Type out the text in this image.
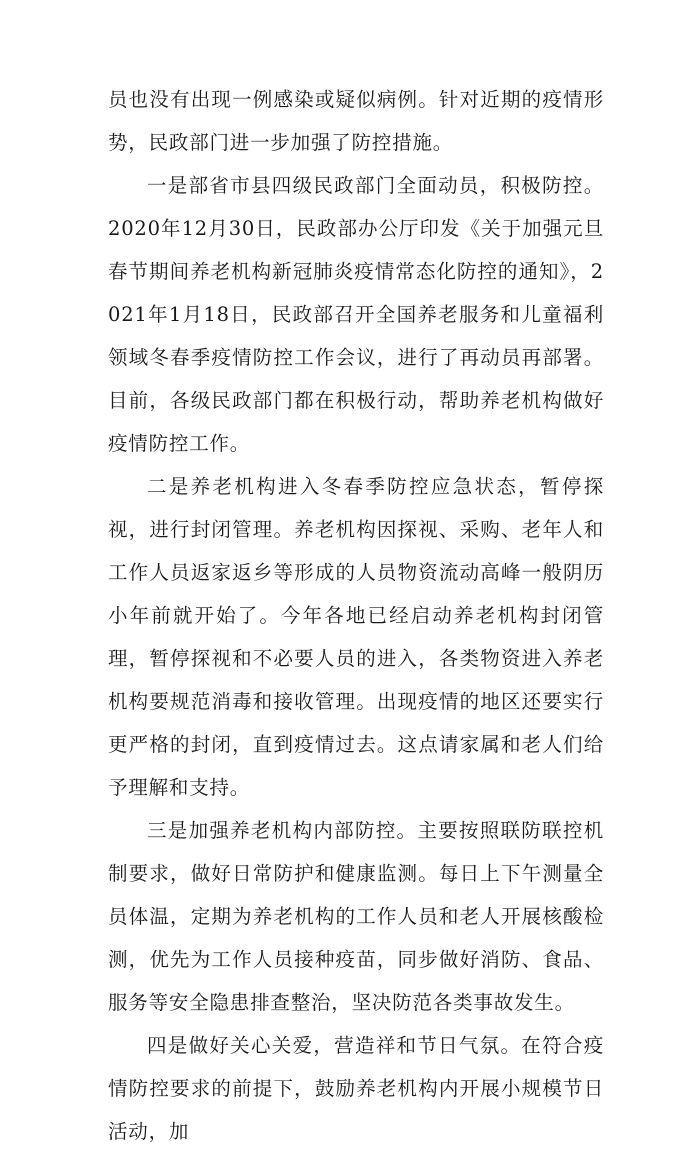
员也没有出现一例感染或疑似病例。针对近期的疫情形势，民政部门进一步加强了防控措施。

一是部省市县四级民政部门全面动员，积极防控。2020年12月30日，民政部办公厅印发《关于加强元旦春节期间养老机构新冠肺炎疫情常态化防控的通知》，2021年1月18日，民政部召开全国养老服务和儿童福利领域冬春季疫情防控工作会议，进行了再动员再部署。目前，各级民政部门都在积极行动，帮助养老机构做好疫情防控工作。

二是养老机构进入冬春季防控应急状态，暂停探视，进行封闭管理。养老机构因探视、采购、老年人和工作人员返家返乡等形成的人员物资流动高峰一般阴历小年前就开始了。今年各地已经启动养老机构封闭管理，暂停探视和不必要人员的进入，各类物资进入养老机构要规范消毒和接收管理。出现疫情的地区还要实行更严格的封闭，直到疫情过去。这点请家属和老人们给予理解和支持。

三是加强养老机构内部防控。主要按照联防联控机制要求，做好日常防护和健康监测。每日上下午测量全员体温，定期为养老机构的工作人员和老人开展核酸检测，优先为工作人员接种疫苗，同步做好消防、食品、服务等安全隐患排查整治，坚决防范各类事故发生。

四是做好关心关爱，营造祥和节日气氛。在符合疫情防控要求的前提下，鼓励养老机构内开展小规模节日活动，加
